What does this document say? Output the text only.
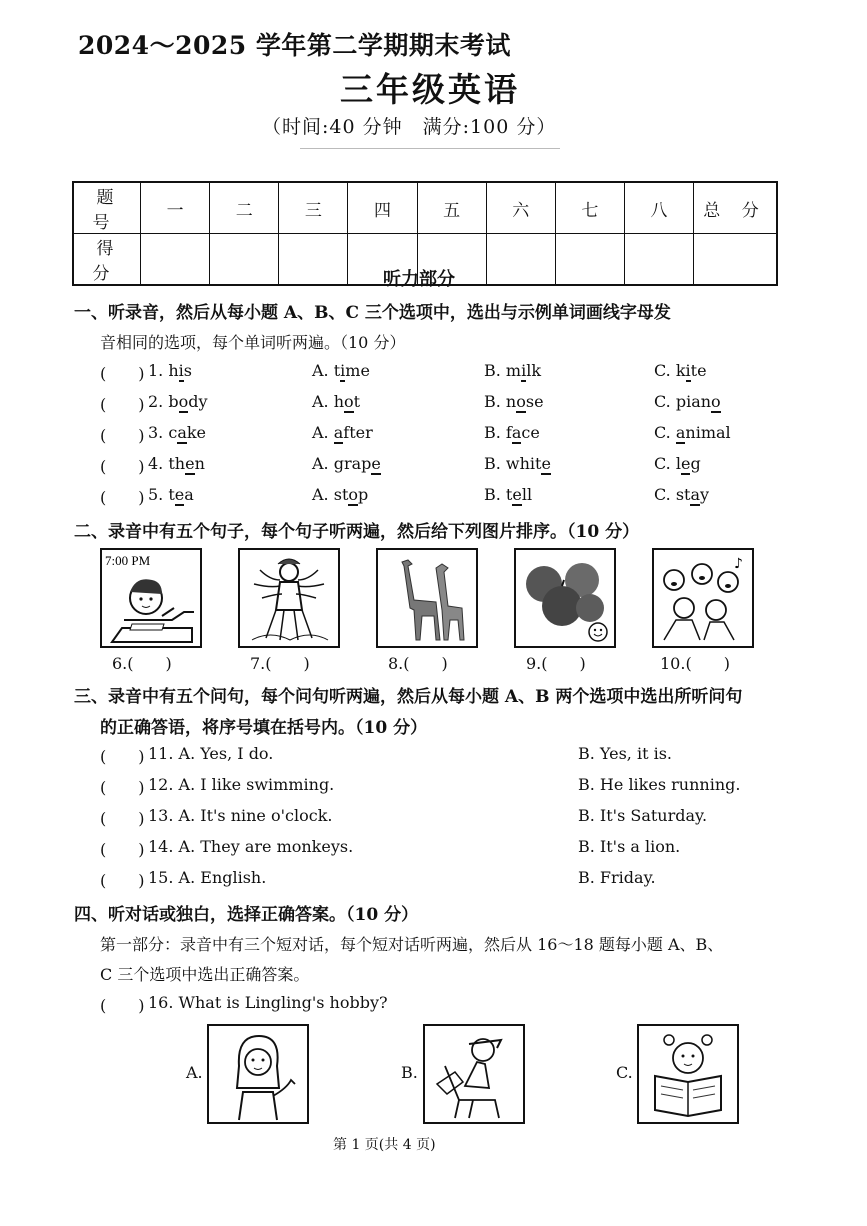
2024～2025 学年第二学期期末考试
三年级英语
（时间:40 分钟　满分:100 分）
题 号	一	二	三	四	五	六	七	八	总 分
得 分										听力部分
一、听录音，然后从每小题 A、B、C 三个选项中，选出与示例单词画线字母发
音相同的选项，每个单词听两遍。（10 分）
(　　) 1. his	A. time	B. milk	C. kite
(　　) 2. body	A. hot	B. nose	C. piano
(　　) 3. cake	A. after	B. face	C. animal
(　　) 4. then	A. grape	B. white	C. leg
(　　) 5. tea	A. stop	B. tell	C. stay
二、录音中有五个句子，每个句子听两遍，然后给下列图片排序。（10 分）
7:00 PM	♪
6.(　　)	7.(　　)	8.(　　)	9.(　　)	10.(　　)
三、录音中有五个问句，每个问句听两遍，然后从每小题 A、B 两个选项中选出所听问句
的正确答语，将序号填在括号内。（10 分）
(　　) 11. A. Yes, I do.	B. Yes, it is.
(　　) 12. A. I like swimming.	B. He likes running.
(　　) 13. A. It's nine o'clock.	B. It's Saturday.
(　　) 14. A. They are monkeys.	B. It's a lion.
(　　) 15. A. English.	B. Friday.
四、听对话或独白，选择正确答案。（10 分）
第一部分：录音中有三个短对话，每个短对话听两遍，然后从 16～18 题每小题 A、B、
C 三个选项中选出正确答案。
(　　) 16. What is Lingling's hobby?
A.	B.	C.
第 1 页(共 4 页)
